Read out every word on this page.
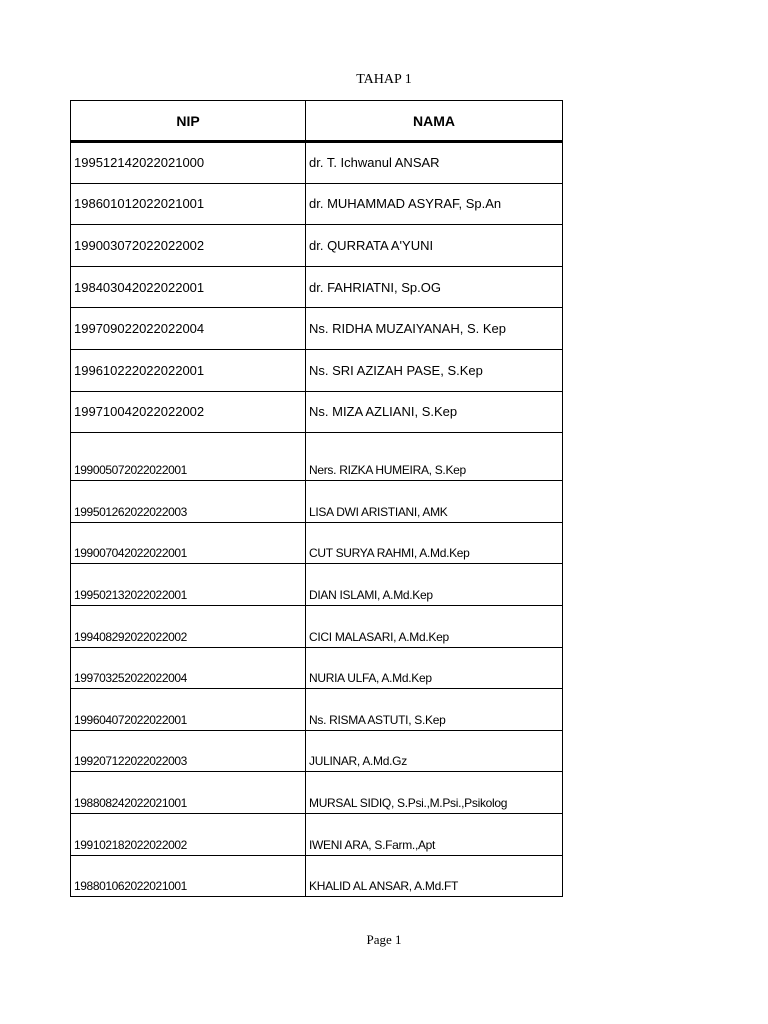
TAHAP 1
NIP	NAMA
199512142022021000	dr. T. Ichwanul ANSAR
198601012022021001	dr. MUHAMMAD ASYRAF, Sp.An
199003072022022002	dr. QURRATA A'YUNI
198403042022022001	dr. FAHRIATNI, Sp.OG
199709022022022004	Ns. RIDHA MUZAIYANAH, S. Kep
199610222022022001	Ns. SRI AZIZAH PASE, S.Kep
199710042022022002	Ns. MIZA AZLIANI, S.Kep
199005072022022001	Ners. RIZKA HUMEIRA, S.Kep
199501262022022003	LISA DWI ARISTIANI, AMK
199007042022022001	CUT SURYA RAHMI, A.Md.Kep
199502132022022001	DIAN ISLAMI, A.Md.Kep
199408292022022002	CICI MALASARI, A.Md.Kep
199703252022022004	NURIA ULFA, A.Md.Kep
199604072022022001	Ns. RISMA ASTUTI, S.Kep
199207122022022003	JULINAR, A.Md.Gz
198808242022021001	MURSAL SIDIQ, S.Psi.,M.Psi.,Psikolog
199102182022022002	IWENI ARA, S.Farm.,Apt
198801062022021001	KHALID AL ANSAR, A.Md.FT
Page 1
